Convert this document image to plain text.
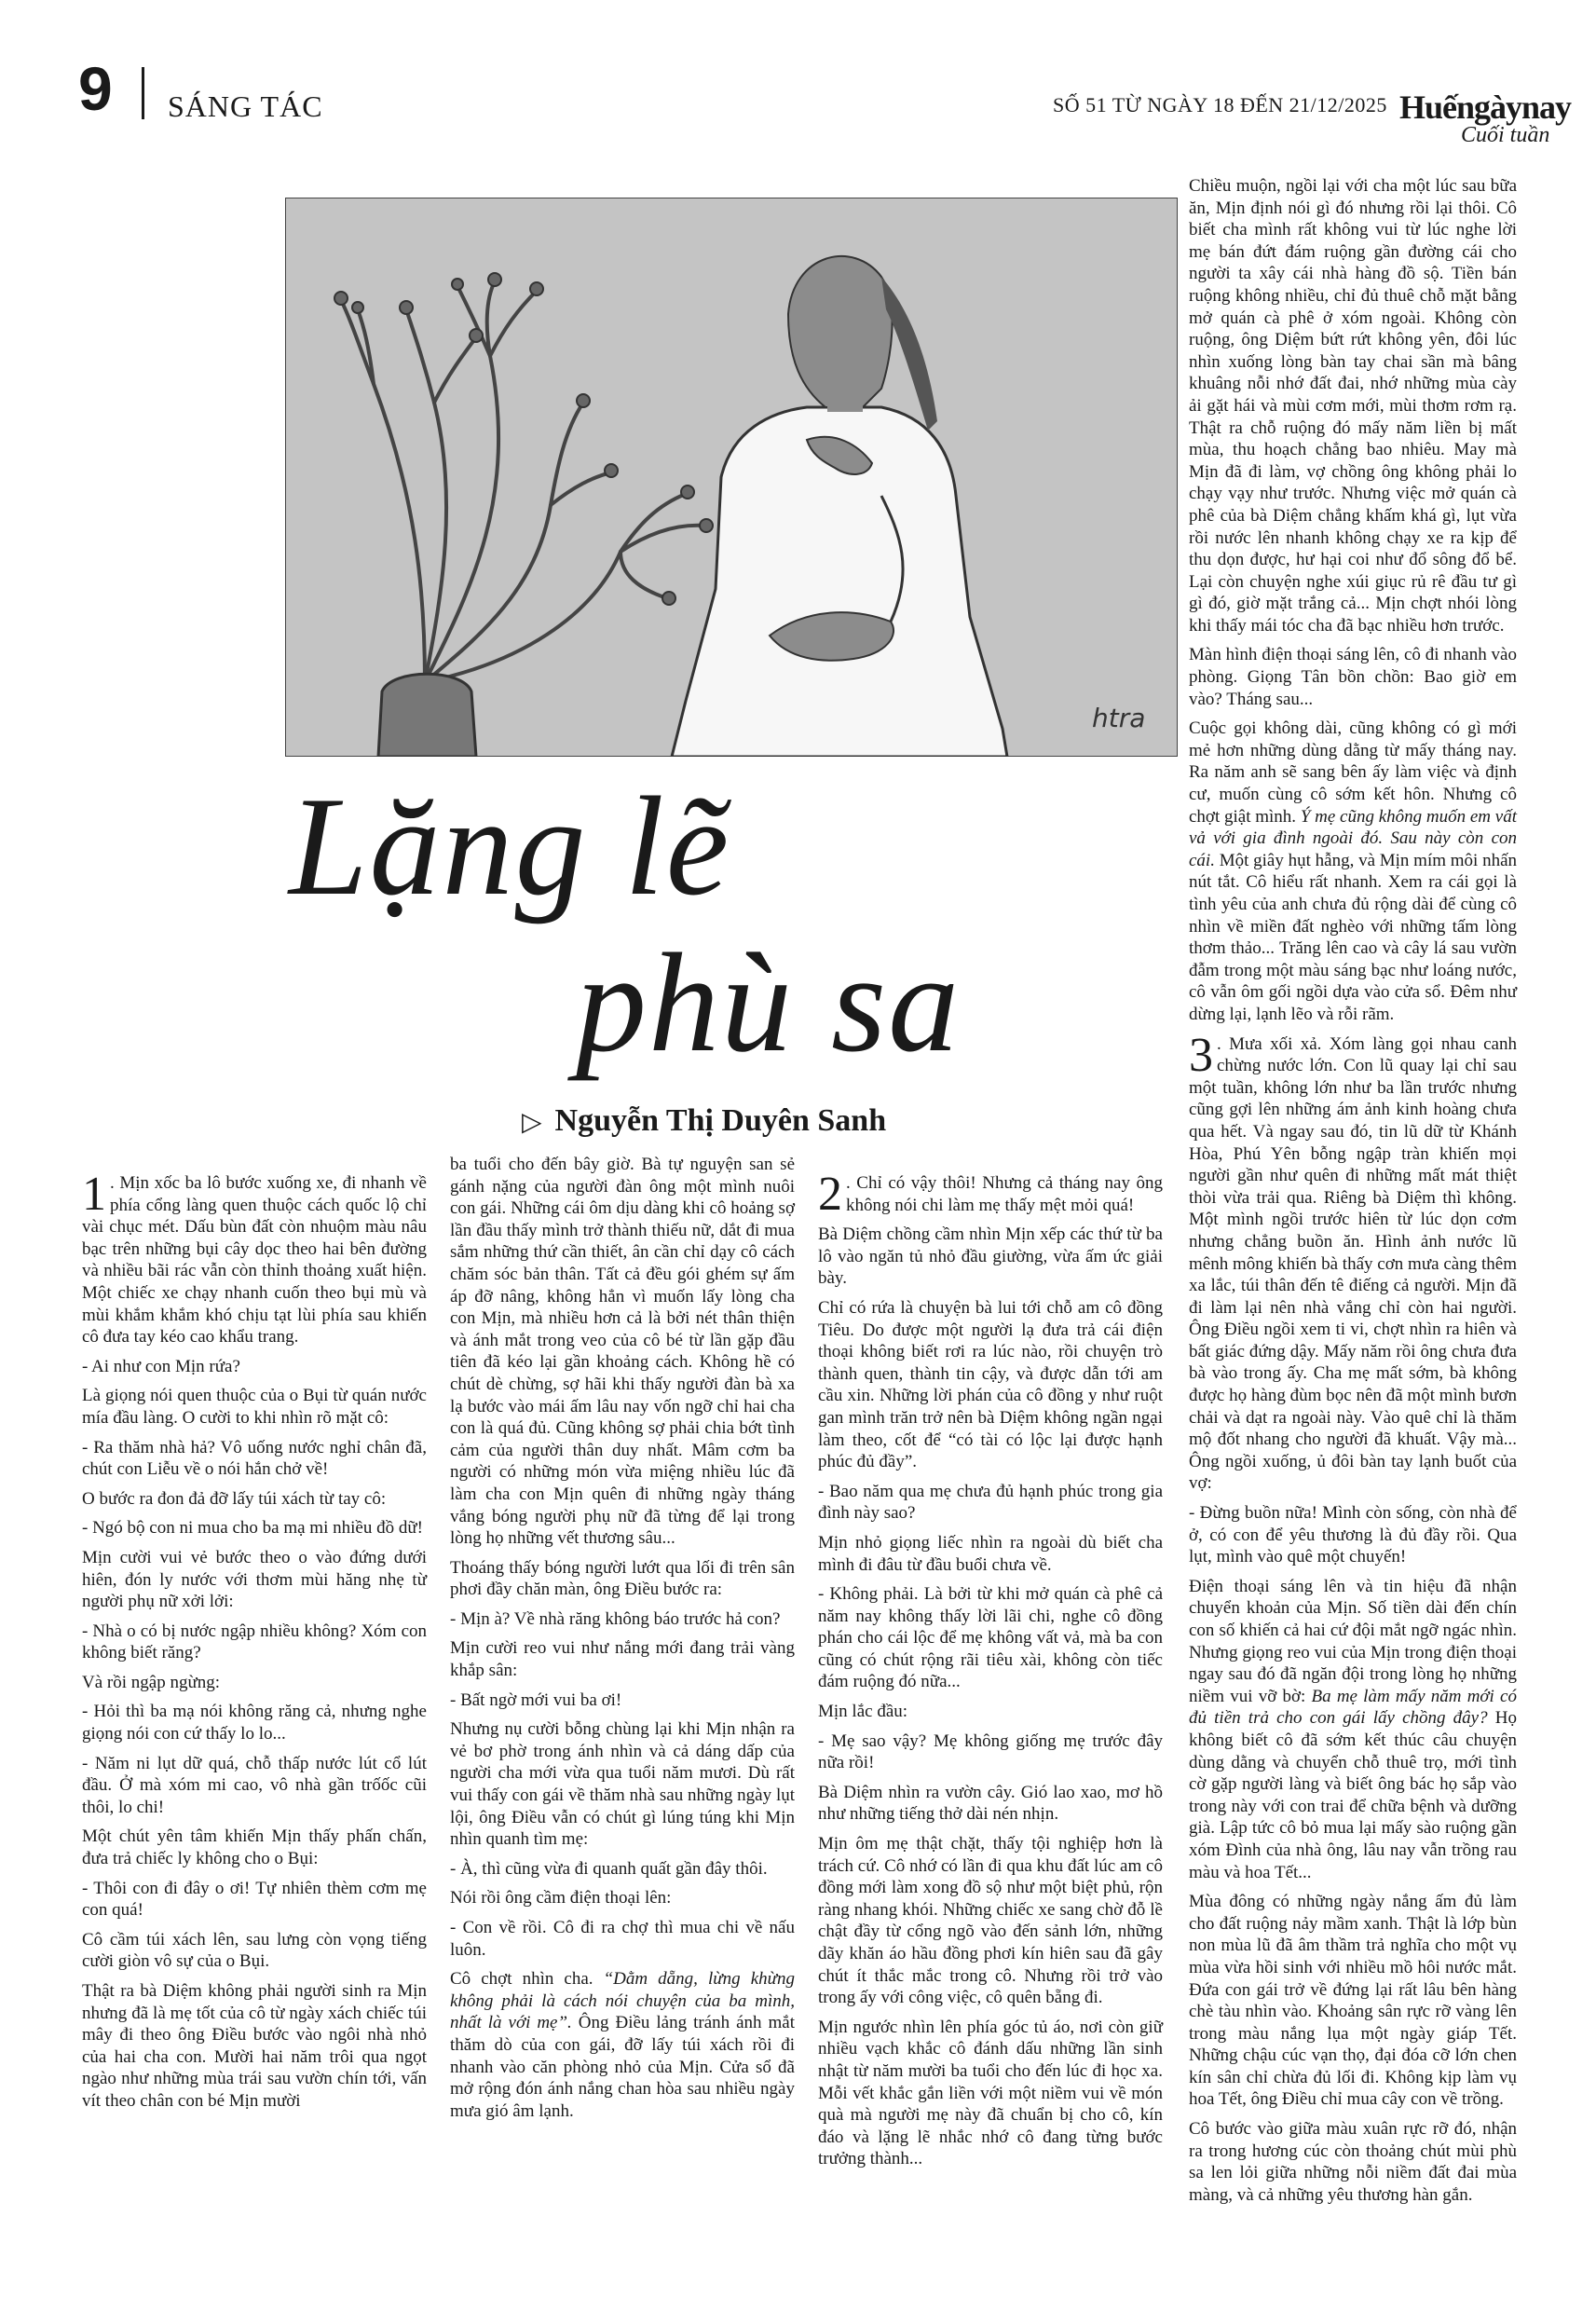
9 SÁNG TÁC	SỐ 51 TỪ NGÀY 18 ĐẾN 21/12/2025 Huếngàynay
Cuối tuần
htra
Lặng lẽ
phù sa
▷ Nguyễn Thị Duyên Sanh

1 . Mịn xốc ba lô bước xuống xe, đi nhanh về phía cổng làng quen thuộc cách quốc lộ chỉ vài chục mét. Dấu bùn đất còn nhuộm màu nâu bạc trên những bụi cây dọc theo hai bên đường và nhiều bãi rác vẫn còn thỉnh thoảng xuất hiện. Một chiếc xe chạy nhanh cuốn theo bụi mù và mùi khắm khắm khó chịu tạt lùi phía sau khiến cô đưa tay kéo cao khẩu trang.

- Ai như con Mịn rứa?

Là giọng nói quen thuộc của o Bụi từ quán nước mía đầu làng. O cười to khi nhìn rõ mặt cô:

- Ra thăm nhà hả? Vô uống nước nghỉ chân đã, chút con Liễu về o nói hắn chở về!

O bước ra đon đả đỡ lấy túi xách từ tay cô:

- Ngó bộ con ni mua cho ba mạ mi nhiều đồ dữ!

Mịn cười vui vẻ bước theo o vào đứng dưới hiên, đón ly nước với thơm mùi hăng nhẹ từ người phụ nữ xởi lởi:

- Nhà o có bị nước ngập nhiều không? Xóm con không biết răng?

Và rồi ngập ngừng:

- Hỏi thì ba mạ nói không răng cả, nhưng nghe giọng nói con cứ thấy lo lo...

- Năm ni lụt dữ quá, chỗ thấp nước lút cổ lút đầu. Ở mà xóm mi cao, vô nhà gần trốốc cũi thôi, lo chi!

Một chút yên tâm khiến Mịn thấy phấn chấn, đưa trả chiếc ly không cho o Bụi:

- Thôi con đi đây o ơi! Tự nhiên thèm cơm mẹ con quá!

Cô cầm túi xách lên, sau lưng còn vọng tiếng cười giòn vô sự của o Bụi.

Thật ra bà Diệm không phải người sinh ra Mịn nhưng đã là mẹ tốt của cô từ ngày xách chiếc túi mây đi theo ông Điều bước vào ngôi nhà nhỏ của hai cha con. Mười hai năm trôi qua ngọt ngào như những mùa trái sau vườn chín tới, vấn vít theo chân con bé Mịn mười

ba tuổi cho đến bây giờ. Bà tự nguyện san sẻ gánh nặng của người đàn ông một mình nuôi con gái. Những cái ôm dịu dàng khi cô hoảng sợ lần đầu thấy mình trở thành thiếu nữ, dắt đi mua sắm những thứ cần thiết, ân cần chỉ dạy cô cách chăm sóc bản thân. Tất cả đều gói ghém sự ấm áp đỡ nâng, không hẳn vì muốn lấy lòng cha con Mịn, mà nhiều hơn cả là bởi nét thân thiện và ánh mắt trong veo của cô bé từ lần gặp đầu tiên đã kéo lại gần khoảng cách. Không hề có chút dè chừng, sợ hãi khi thấy người đàn bà xa lạ bước vào mái ấm lâu nay vốn ngỡ chỉ hai cha con là quá đủ. Cũng không sợ phải chia bớt tình cảm của người thân duy nhất. Mâm cơm ba người có những món vừa miệng nhiều lúc đã làm cha con Mịn quên đi những ngày tháng vắng bóng người phụ nữ đã từng để lại trong lòng họ những vết thương sâu...

Thoáng thấy bóng người lướt qua lối đi trên sân phơi đầy chăn màn, ông Điều bước ra:

- Mịn à? Về nhà răng không báo trước hả con?

Mịn cười reo vui như nắng mới đang trải vàng khắp sân:

- Bất ngờ mới vui ba ơi!

Nhưng nụ cười bỗng chùng lại khi Mịn nhận ra vẻ bơ phờ trong ánh nhìn và cả dáng dấp của người cha mới vừa qua tuổi năm mươi. Dù rất vui thấy con gái về thăm nhà sau những ngày lụt lội, ông Điều vẫn có chút gì lúng túng khi Mịn nhìn quanh tìm mẹ:

- À, thì cũng vừa đi quanh quất gần đây thôi.

Nói rồi ông cầm điện thoại lên:

- Con về rồi. Cô đi ra chợ thì mua chi về nấu luôn.

Cô chợt nhìn cha. “Dằm dẵng, lừng khừng không phải là cách nói chuyện của ba mình, nhất là với mẹ”. Ông Điều lảng tránh ánh mắt thăm dò của con gái, đỡ lấy túi xách rồi đi nhanh vào căn phòng nhỏ của Mịn. Cửa sổ đã mở rộng đón ánh nắng chan hòa sau nhiều ngày mưa gió âm lạnh.

2 . Chỉ có vậy thôi! Nhưng cả tháng nay ông không nói chi làm mẹ thấy mệt mỏi quá!

Bà Diệm chồng cầm nhìn Mịn xếp các thứ từ ba lô vào ngăn tủ nhỏ đầu giường, vừa ấm ức giải bày.

Chỉ có rứa là chuyện bà lui tới chỗ am cô đồng Tiêu. Do được một người lạ đưa trả cái điện thoại không biết rơi ra lúc nào, rồi chuyện trò thành quen, thành tin cậy, và được dẫn tới am cầu xin. Những lời phán của cô đồng y như ruột gan mình trăn trở nên bà Diệm không ngần ngại làm theo, cốt để “có tài có lộc lại được hạnh phúc đủ đầy”.

- Bao năm qua mẹ chưa đủ hạnh phúc trong gia đình này sao?

Mịn nhỏ giọng liếc nhìn ra ngoài dù biết cha mình đi đâu từ đầu buổi chưa về.

- Không phải. Là bởi từ khi mở quán cà phê cả năm nay không thấy lời lãi chi, nghe cô đồng phán cho cái lộc để mẹ không vất vả, mà ba con cũng có chút rộng rãi tiêu xài, không còn tiếc đám ruộng đó nữa...

Mịn lắc đầu:

- Mẹ sao vậy? Mẹ không giống mẹ trước đây nữa rồi!

Bà Diệm nhìn ra vườn cây. Gió lao xao, mơ hồ như những tiếng thở dài nén nhịn.

Mịn ôm mẹ thật chặt, thấy tội nghiệp hơn là trách cứ. Cô nhớ có lần đi qua khu đất lúc am cô đồng mới làm xong đồ sộ như một biệt phủ, rộn ràng nhang khói. Những chiếc xe sang chờ đỗ lề chật đầy từ cổng ngõ vào đến sảnh lớn, những dãy khăn áo hầu đồng phơi kín hiên sau đã gây chút ít thắc mắc trong cô. Nhưng rồi trở vào trong ấy với công việc, cô quên bẵng đi.

Mịn ngước nhìn lên phía góc tủ áo, nơi còn giữ nhiều vạch khắc cô đánh dấu những lần sinh nhật từ năm mười ba tuổi cho đến lúc đi học xa. Mỗi vết khắc gắn liền với một niềm vui về món quà mà người mẹ này đã chuẩn bị cho cô, kín đáo và lặng lẽ nhắc nhớ cô đang từng bước trưởng thành...

Chiều muộn, ngồi lại với cha một lúc sau bữa ăn, Mịn định nói gì đó nhưng rồi lại thôi. Cô biết cha mình rất không vui từ lúc nghe lời mẹ bán đứt đám ruộng gần đường cái cho người ta xây cái nhà hàng đồ sộ. Tiền bán ruộng không nhiều, chỉ đủ thuê chỗ mặt bằng mở quán cà phê ở xóm ngoài. Không còn ruộng, ông Diệm bứt rứt không yên, đôi lúc nhìn xuống lòng bàn tay chai sần mà bâng khuâng nỗi nhớ đất đai, nhớ những mùa cày ải gặt hái và mùi cơm mới, mùi thơm rơm rạ. Thật ra chỗ ruộng đó mấy năm liền bị mất mùa, thu hoạch chẳng bao nhiêu. May mà Mịn đã đi làm, vợ chồng ông không phải lo chạy vạy như trước. Nhưng việc mở quán cà phê của bà Diệm chẳng khấm khá gì, lụt vừa rồi nước lên nhanh không chạy xe ra kịp để thu dọn được, hư hại coi như đổ sông đổ bể. Lại còn chuyện nghe xúi giục rủ rê đầu tư gì gì đó, giờ mặt trắng cả... Mịn chợt nhói lòng khi thấy mái tóc cha đã bạc nhiều hơn trước.

Màn hình điện thoại sáng lên, cô đi nhanh vào phòng. Giọng Tân bồn chồn: Bao giờ em vào? Tháng sau...

Cuộc gọi không dài, cũng không có gì mới mẻ hơn những dùng dằng từ mấy tháng nay. Ra năm anh sẽ sang bên ấy làm việc và định cư, muốn cùng cô sớm kết hôn. Nhưng cô chợt giật mình. Ý mẹ cũng không muốn em vất vả với gia đình ngoài đó. Sau này còn con cái. Một giây hụt hẫng, và Mịn mím môi nhấn nút tắt. Cô hiểu rất nhanh. Xem ra cái gọi là tình yêu của anh chưa đủ rộng dài để cùng cô nhìn về miền đất nghèo với những tấm lòng thơm thảo... Trăng lên cao và cây lá sau vườn đẫm trong một màu sáng bạc như loáng nước, cô vẫn ôm gối ngồi dựa vào cửa sổ. Đêm như dừng lại, lạnh lẽo và rỗi rãm.

3 . Mưa xối xả. Xóm làng gọi nhau canh chừng nước lớn. Con lũ quay lại chỉ sau một tuần, không lớn như ba lần trước nhưng cũng gợi lên những ám ảnh kinh hoàng chưa qua hết. Và ngay sau đó, tin lũ dữ từ Khánh Hòa, Phú Yên bỗng ngập tràn khiến mọi người gần như quên đi những mất mát thiệt thòi vừa trải qua. Riêng bà Diệm thì không. Một mình ngồi trước hiên từ lúc dọn cơm nhưng chẳng buồn ăn. Hình ảnh nước lũ mênh mông khiến bà thấy cơn mưa càng thêm xa lắc, túi thân đến tê điếng cả người. Mịn đã đi làm lại nên nhà vắng chỉ còn hai người. Ông Điều ngồi xem ti vi, chợt nhìn ra hiên và bất giác đứng dậy. Mấy năm rồi ông chưa đưa bà vào trong ấy. Cha mẹ mất sớm, bà không được họ hàng đùm bọc nên đã một mình bươn chải và dạt ra ngoài này. Vào quê chỉ là thăm mộ đốt nhang cho người đã khuất. Vậy mà... Ông ngồi xuống, ủ đôi bàn tay lạnh buốt của vợ:

- Đừng buồn nữa! Mình còn sống, còn nhà để ở, có con để yêu thương là đủ đầy rồi. Qua lụt, mình vào quê một chuyến!

Điện thoại sáng lên và tin hiệu đã nhận chuyển khoản của Mịn. Số tiền dài đến chín con số khiến cả hai cứ đội mắt ngỡ ngác nhìn. Nhưng giọng reo vui của Mịn trong điện thoại ngay sau đó đã ngăn đội trong lòng họ những niềm vui vỡ bờ: Ba mẹ làm mấy năm mới có đủ tiền trả cho con gái lấy chồng đây? Họ không biết cô đã sớm kết thúc câu chuyện dùng dằng và chuyển chỗ thuê trọ, mới tình cờ gặp người làng và biết ông bác họ sắp vào trong này với con trai để chữa bệnh và dưỡng già. Lập tức cô bỏ mua lại mấy sào ruộng gần xóm Đình của nhà ông, lâu nay vẫn trồng rau màu và hoa Tết...

Mùa đông có những ngày nắng ấm đủ làm cho đất ruộng nảy mầm xanh. Thật là lớp bùn non mùa lũ đã âm thầm trả nghĩa cho một vụ mùa vừa hồi sinh với nhiều mồ hôi nước mắt. Đứa con gái trở về đứng lại rất lâu bên hàng chè tàu nhìn vào. Khoảng sân rực rỡ vàng lên trong màu nắng lụa một ngày giáp Tết. Những chậu cúc vạn thọ, đại đóa cỡ lớn chen kín sân chỉ chừa đủ lối đi. Không kịp làm vụ hoa Tết, ông Điều chỉ mua cây con về trồng.

Cô bước vào giữa màu xuân rực rỡ đó, nhận ra trong hương cúc còn thoảng chút mùi phù sa len lỏi giữa những nỗi niềm đất đai mùa màng, và cả những yêu thương hàn gắn.
